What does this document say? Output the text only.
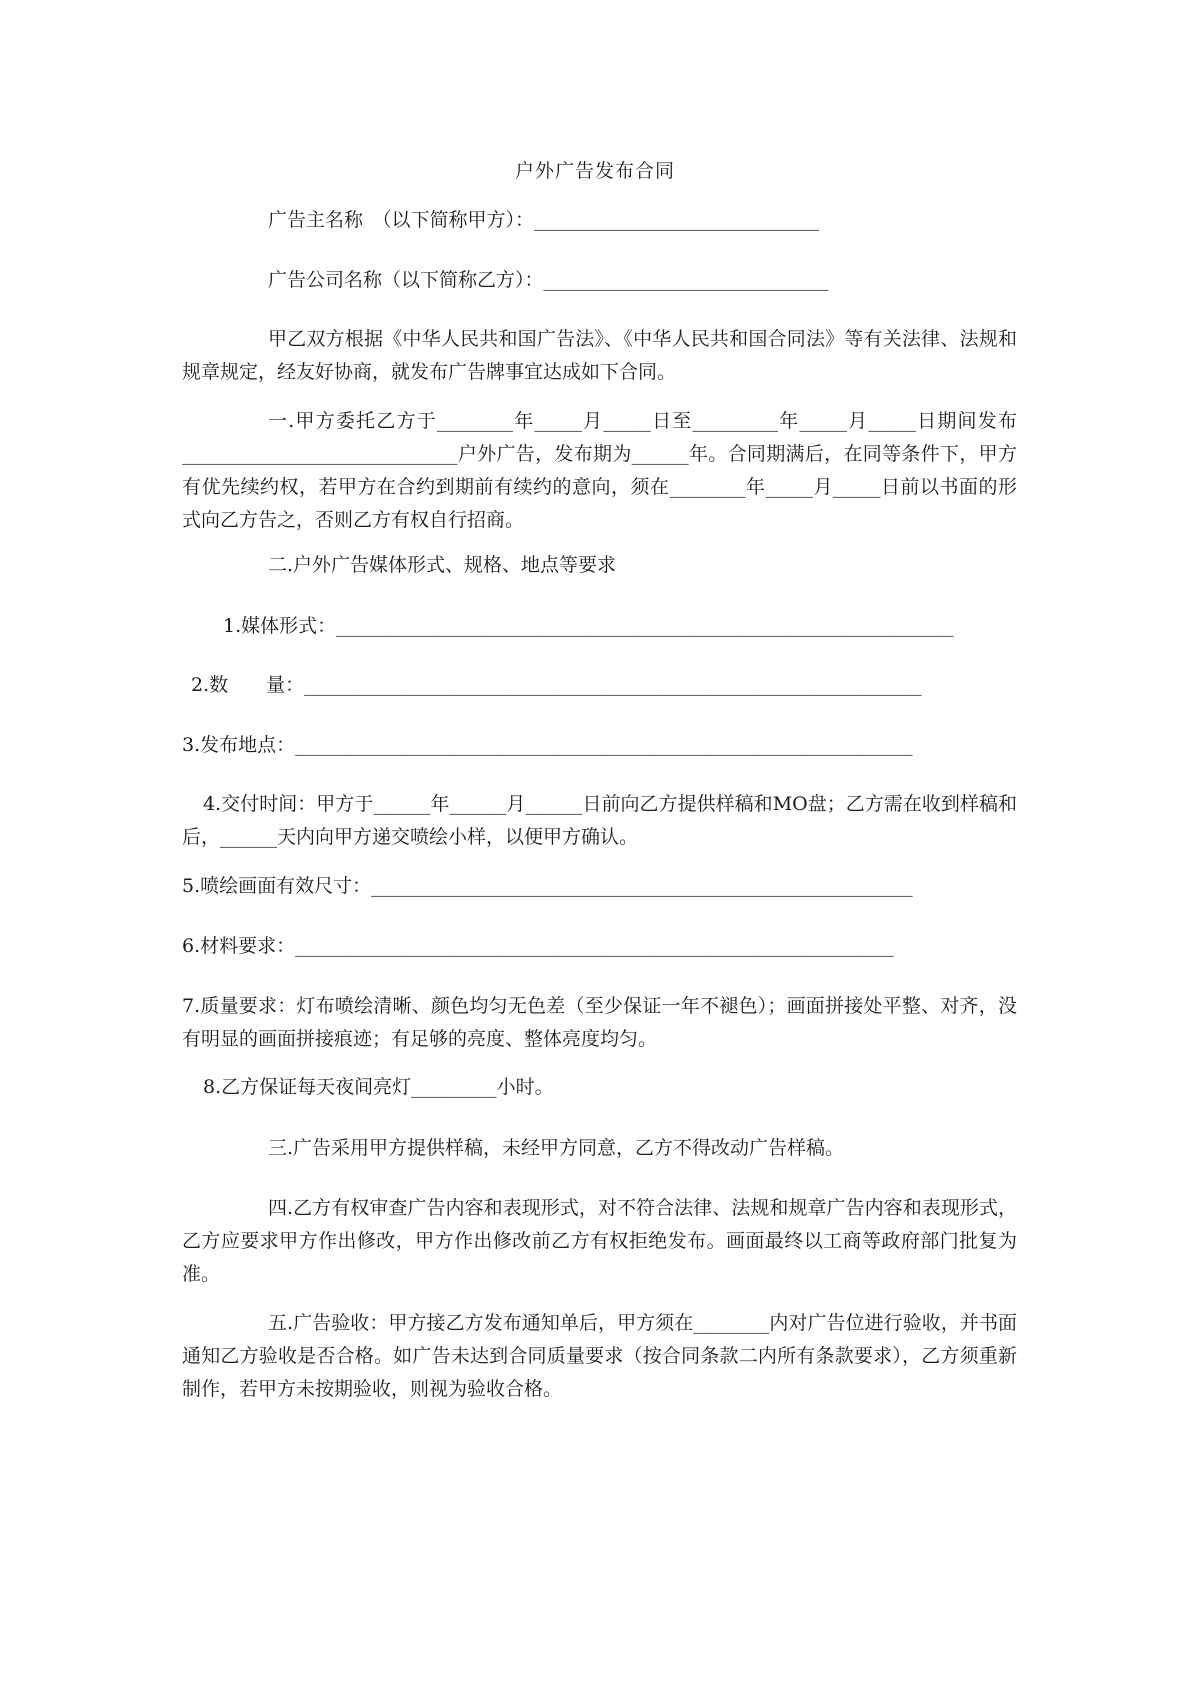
户外广告发布合同
广告主名称　（以下简称甲方）：______________________________
广告公司名称（以下简称乙方）：______________________________
甲乙双方根据《中华人民共和国广告法》、《中华人民共和国合同法》等有关法律、法规和规章规定，经友好协商，就发布广告牌事宜达成如下合同。
一.甲方委托乙方于________年_____月_____日至_________年_____月_____日期间发布_____________________________户外广告，发布期为______年。合同期满后，在同等条件下，甲方有优先续约权，若甲方在合约到期前有续约的意向，须在________年_____月_____日前以书面的形式向乙方告之，否则乙方有权自行招商。
二.户外广告媒体形式、规格、地点等要求
1.媒体形式：_________________________________________________________________
2.数　　量：_________________________________________________________________
3.发布地点：_________________________________________________________________
4.交付时间：甲方于______年______月______日前向乙方提供样稿和MO盘；乙方需在收到样稿和后，______天内向甲方递交喷绘小样，以便甲方确认。
5.喷绘画面有效尺寸：_________________________________________________________
6.材料要求：_______________________________________________________________
7.质量要求：灯布喷绘清晰、颜色均匀无色差（至少保证一年不褪色）；画面拼接处平整、对齐，没有明显的画面拼接痕迹；有足够的亮度、整体亮度均匀。
8.乙方保证每天夜间亮灯_________小时。
三.广告采用甲方提供样稿，未经甲方同意，乙方不得改动广告样稿。
四.乙方有权审查广告内容和表现形式，对不符合法律、法规和规章广告内容和表现形式，乙方应要求甲方作出修改，甲方作出修改前乙方有权拒绝发布。画面最终以工商等政府部门批复为准。
五.广告验收：甲方接乙方发布通知单后，甲方须在________内对广告位进行验收，并书面通知乙方验收是否合格。如广告未达到合同质量要求（按合同条款二内所有条款要求），乙方须重新制作，若甲方未按期验收，则视为验收合格。
